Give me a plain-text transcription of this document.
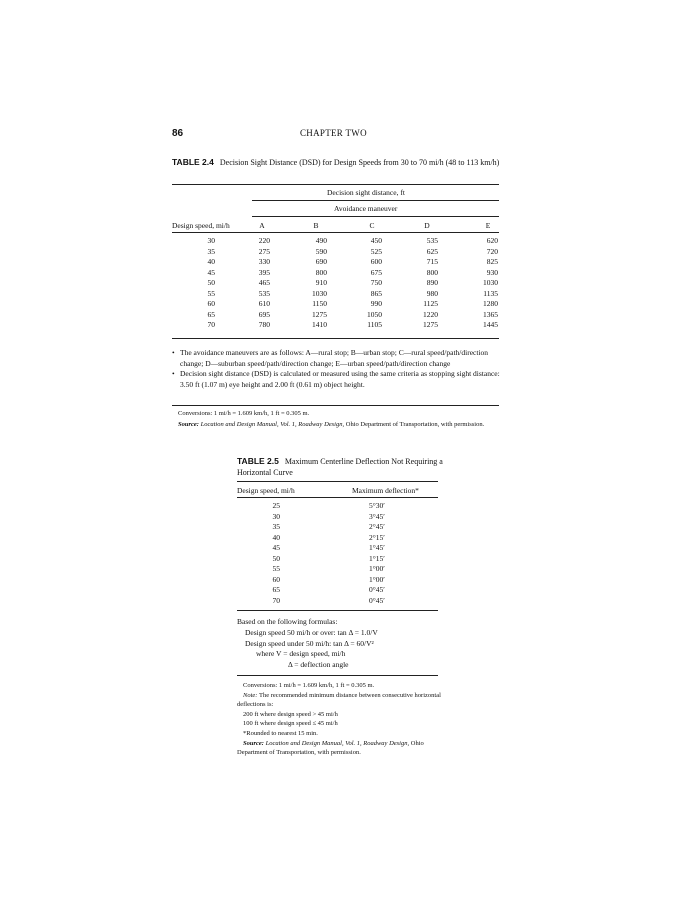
86	CHAPTER TWO
TABLE 2.4 Decision Sight Distance (DSD) for Design Speeds from 30 to 70 mi/h (48 to 113 km/h)
Decision sight distance, ft
Avoidance maneuver
Design speed, mi/h	A	B	C	D	E
30	220	490	450	535	620
35	275	590	525	625	720
40	330	690	600	715	825
45	395	800	675	800	930
50	465	910	750	890	1030
55	535	1030	865	980	1135
60	610	1150	990	1125	1280
65	695	1275	1050	1220	1365
70	780	1410	1105	1275	1445
• The avoidance maneuvers are as follows: A—rural stop; B—urban stop; C—rural speed/path/direction change; D—suburban speed/path/direction change; E—urban speed/path/direction change
• Decision sight distance (DSD) is calculated or measured using the same criteria as stopping sight distance: 3.50 ft (1.07 m) eye height and 2.00 ft (0.61 m) object height.
Conversions: 1 mi/h = 1.609 km/h, 1 ft = 0.305 m.
Source: Location and Design Manual, Vol. 1, Roadway Design, Ohio Department of Transportation, with permission.
TABLE 2.5 Maximum Centerline Deflection Not Requiring a Horizontal Curve
Design speed, mi/h	Maximum deflection*
25	5°30′
30	3°45′
35	2°45′
40	2°15′
45	1°45′
50	1°15′
55	1°00′
60	1°00′
65	0°45′
70	0°45′
Based on the following formulas:
Design speed 50 mi/h or over: tan Δ = 1.0/V
Design speed under 50 mi/h: tan Δ = 60/V²
where V = design speed, mi/h
Δ = deflection angle
Conversions: 1 mi/h = 1.609 km/h, 1 ft = 0.305 m.
Note: The recommended minimum distance between consecutive horizontal deflections is:
200 ft where design speed > 45 mi/h
100 ft where design speed ≤ 45 mi/h
*Rounded to nearest 15 min.
Source: Location and Design Manual, Vol. 1, Roadway Design, Ohio Department of Transportation, with permission.
